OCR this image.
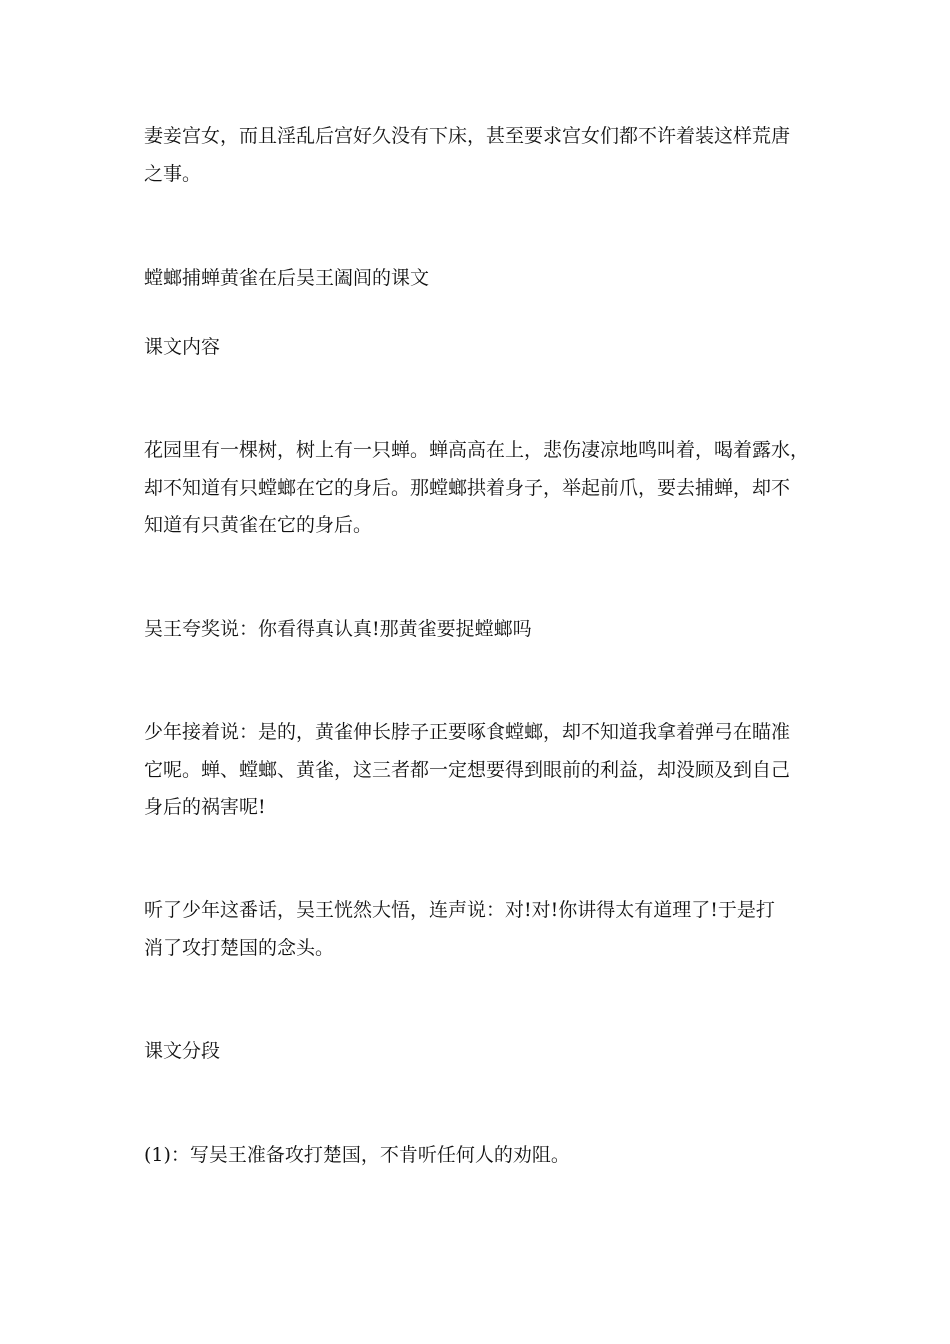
妻妾宫女，而且淫乱后宫好久没有下床，甚至要求宫女们都不许着装这样荒唐
之事。
螳螂捕蝉黄雀在后吴王阖闾的课文
课文内容
花园里有一棵树，树上有一只蝉。蝉高高在上，悲伤凄凉地鸣叫着，喝着露水，
却不知道有只螳螂在它的身后。那螳螂拱着身子，举起前爪，要去捕蝉，却不
知道有只黄雀在它的身后。
吴王夸奖说：你看得真认真!那黄雀要捉螳螂吗
少年接着说：是的，黄雀伸长脖子正要啄食螳螂，却不知道我拿着弹弓在瞄准
它呢。蝉、螳螂、黄雀，这三者都一定想要得到眼前的利益，却没顾及到自己
身后的祸害呢!
听了少年这番话，吴王恍然大悟，连声说：对!对!你讲得太有道理了!于是打
消了攻打楚国的念头。
课文分段
(1)：写吴王准备攻打楚国，不肯听任何人的劝阻。
